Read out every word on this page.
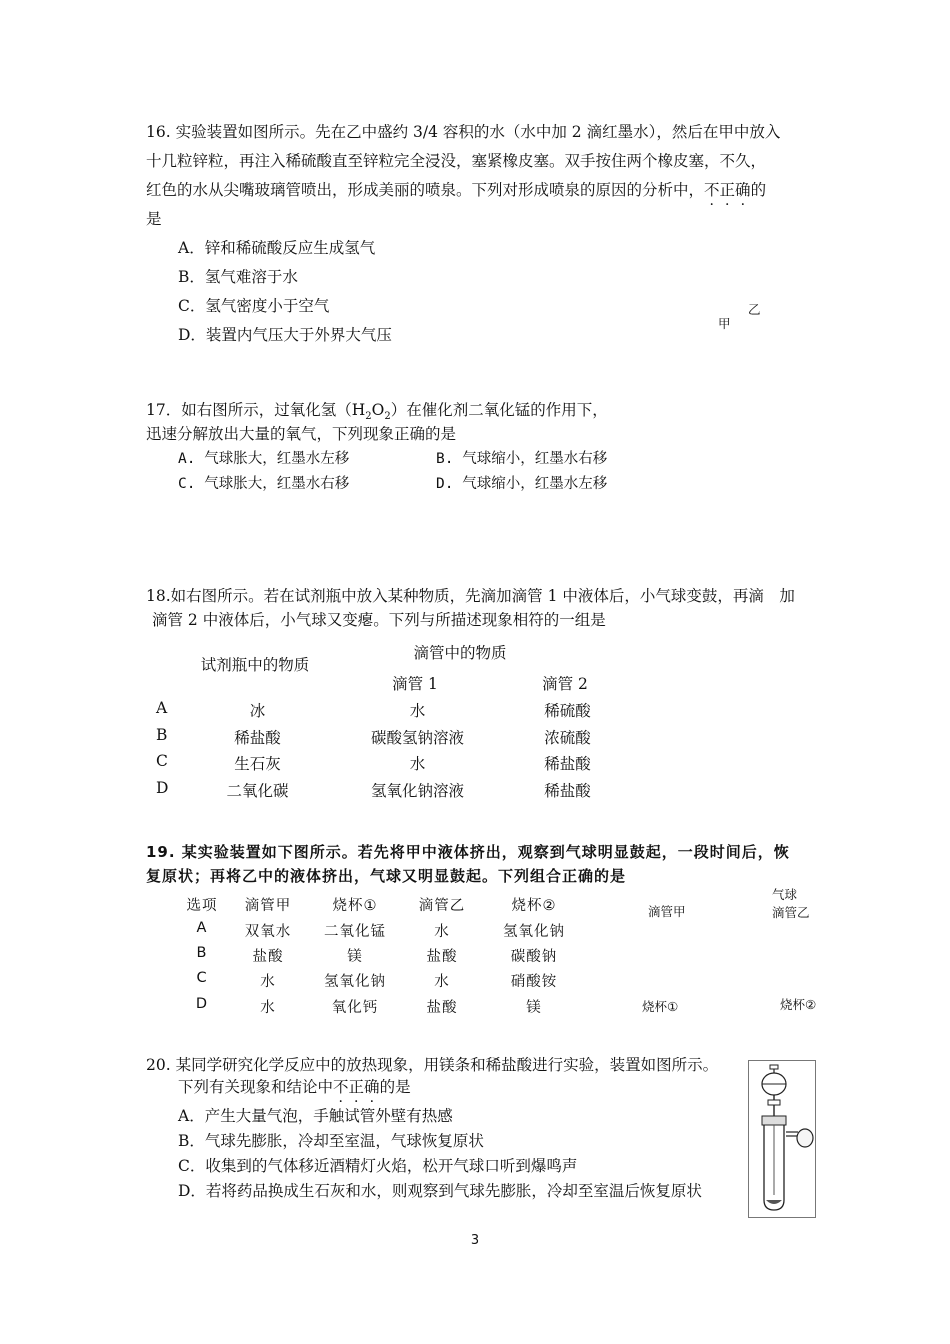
16. 实验装置如图所示。先在乙中盛约 3/4 容积的水（水中加 2 滴红墨水），然后在甲中放入
十几粒锌粒，再注入稀硫酸直至锌粒完全浸没，塞紧橡皮塞。双手按住两个橡皮塞，不久，
红色的水从尖嘴玻璃管喷出，形成美丽的喷泉。下列对形成喷泉的原因的分析中，不正确的
是
A．锌和稀硫酸反应生成氢气
B．氢气难溶于水
C．氢气密度小于空气
D．装置内气压大于外界大气压
甲
乙
17．如右图所示，过氧化氢$(H_2O_2)$在催化剂二氧化锰的作用下，
迅速分解放出大量的氧气，下列现象正确的是
A. 气球胀大，红墨水左移	B. 气球缩小，红墨水右移
C. 气球胀大，红墨水右移	D. 气球缩小，红墨水左移
18.如右图所示。若在试剂瓶中放入某种物质，先滴加滴管 1 中液体后，小气球变鼓，再滴　加
滴管 2 中液体后，小气球又变瘪。下列与所描述现象相符的一组是
试剂瓶中的物质
滴管中的物质
滴管 1	滴管 2
A	冰	水	稀硫酸
B	稀盐酸	碳酸氢钠溶液	浓硫酸
C	生石灰	水	稀盐酸
D	二氧化碳	氢氧化钠溶液	稀盐酸
19. 某实验装置如下图所示。若先将甲中液体挤出，观察到气球明显鼓起，一段时间后，恢
复原状；再将乙中的液体挤出，气球又明显鼓起。下列组合正确的是
选项	滴管甲	烧杯①	滴管乙	烧杯②
A	双氧水	二氧化锰	水	氢氧化钠
B	盐酸	镁	盐酸	碳酸钠
C	水	氢氧化钠	水	硝酸铵
D	水	氧化钙	盐酸	镁
滴管甲
气球
滴管乙
烧杯①	烧杯②
20. 某同学研究化学反应中的放热现象，用镁条和稀盐酸进行实验，装置如图所示。
下列有关现象和结论中不正确的是
A．产生大量气泡，手触试管外壁有热感
B．气球先膨胀，冷却至室温，气球恢复原状
C．收集到的气体移近酒精灯火焰，松开气球口听到爆鸣声
D．若将药品换成生石灰和水，则观察到气球先膨胀，冷却至室温后恢复原状
3
